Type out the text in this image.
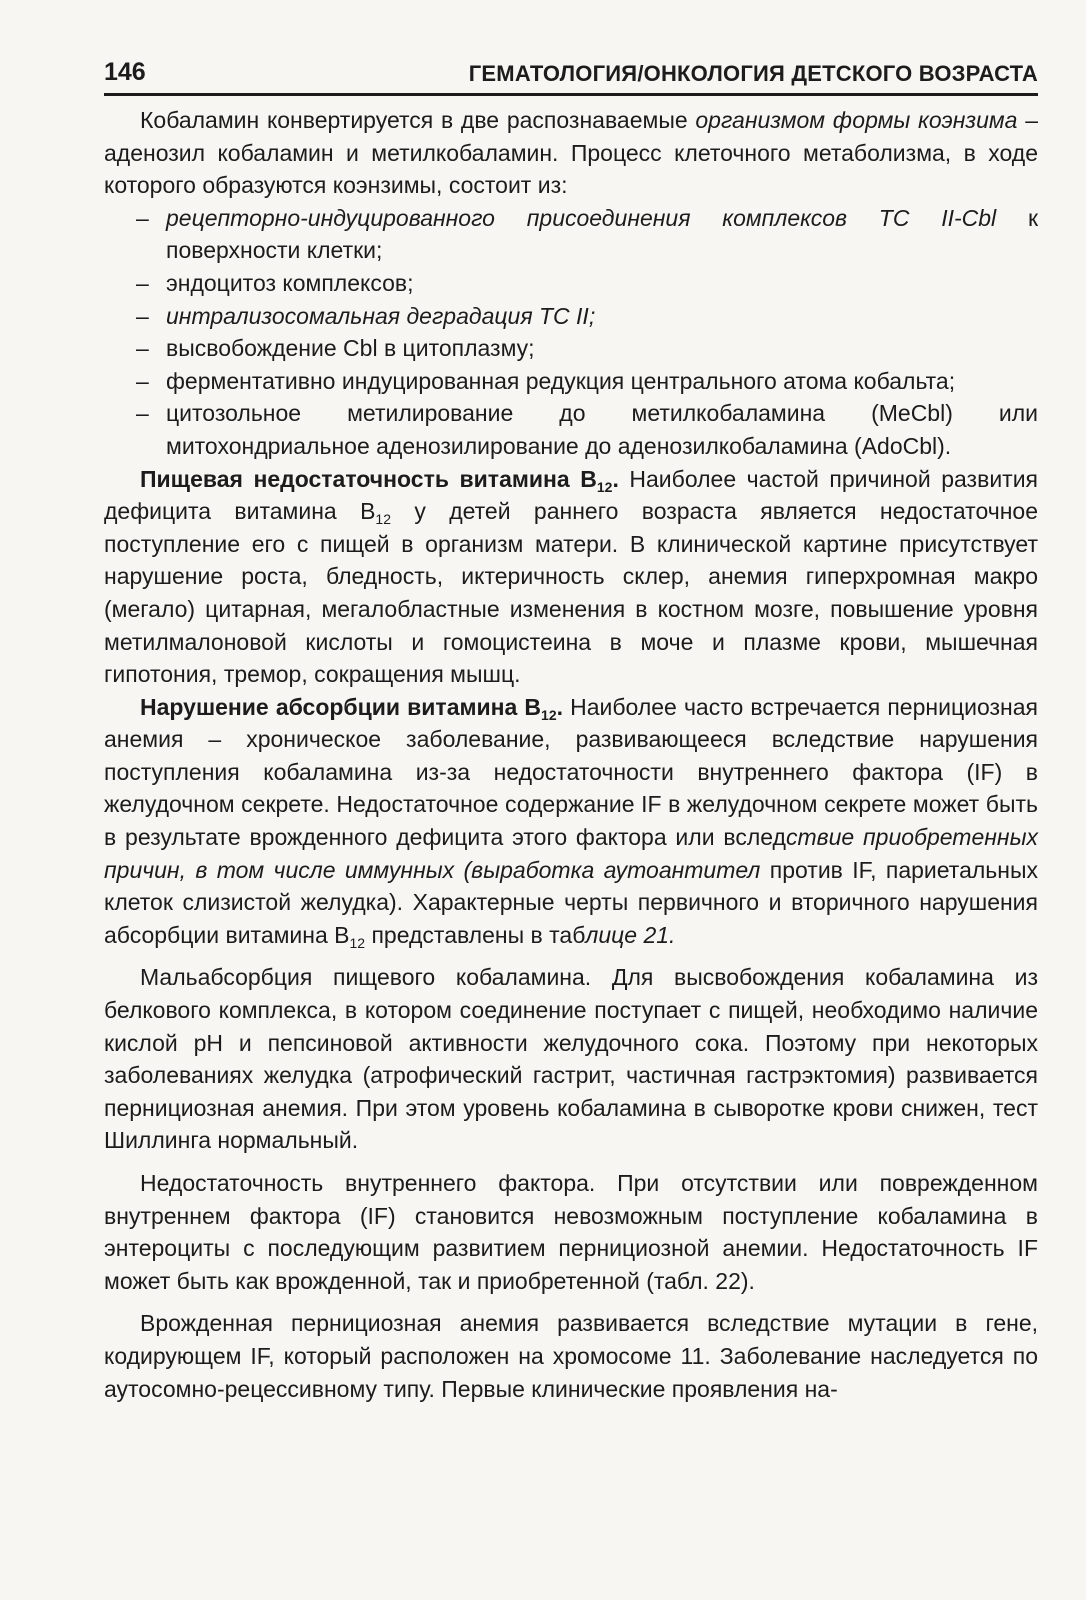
146	ГЕМАТОЛОГИЯ/ОНКОЛОГИЯ ДЕТСКОГО ВОЗРАСТА

Кобаламин конвертируется в две распознаваемые организмом формы коэнзима – аденозил кобаламин и метилкобаламин. Процесс клеточного метаболизма, в ходе которого образуются коэнзимы, состоит из:

– рецепторно-индуцированного присоединения комплексов ТС II-Cbl к поверхности клетки;
– эндоцитоз комплексов;
– интрализосомальная деградация ТС II;
– высвобождение Cbl в цитоплазму;
– ферментативно индуцированная редукция центрального атома кобальта;
– цитозольное метилирование до метилкобаламина (MeCbl) или митохондриальное аденозилирование до аденозилкобаламина (AdoCbl).

Пищевая недостаточность витамина $B_{12}$. Наиболее частой причиной развития дефицита витамина $B_{12}$ у детей раннего возраста является недостаточное поступление его с пищей в организм матери. В клинической картине присутствует нарушение роста, бледность, иктеричность склер, анемия гиперхромная макро (мегало) цитарная, мегалобластные изменения в костном мозге, повышение уровня метилмалоновой кислоты и гомоцистеина в моче и плазме крови, мышечная гипотония, тремор, сокращения мышц.

Нарушение абсорбции витамина $B_{12}$. Наиболее часто встречается пернициозная анемия – хроническое заболевание, развивающееся вследствие нарушения поступления кобаламина из-за недостаточности внутреннего фактора (IF) в желудочном секрете. Недостаточное содержание IF в желудочном секрете может быть в результате врожденного дефицита этого фактора или вследствие приобретенных причин, в том числе иммунных (выработка аутоантител против IF, париетальных клеток слизистой желудка). Характерные черты первичного и вторичного нарушения абсорбции витамина $B_{12}$ представлены в таблице 21.

Мальабсорбция пищевого кобаламина. Для высвобождения кобаламина из белкового комплекса, в котором соединение поступает с пищей, необходимо наличие кислой pH и пепсиновой активности желудочного сока. Поэтому при некоторых заболеваниях желудка (атрофический гастрит, частичная гастрэктомия) развивается пернициозная анемия. При этом уровень кобаламина в сыворотке крови снижен, тест Шиллинга нормальный.

Недостаточность внутреннего фактора. При отсутствии или поврежденном внутреннем фактора (IF) становится невозможным поступление кобаламина в энтероциты с последующим развитием пернициозной анемии. Недостаточность IF может быть как врожденной, так и приобретенной (табл. 22).

Врожденная пернициозная анемия развивается вследствие мутации в гене, кодирующем IF, который расположен на хромосоме 11. Заболевание наследуется по аутосомно-рецессивному типу. Первые клинические проявления на-
